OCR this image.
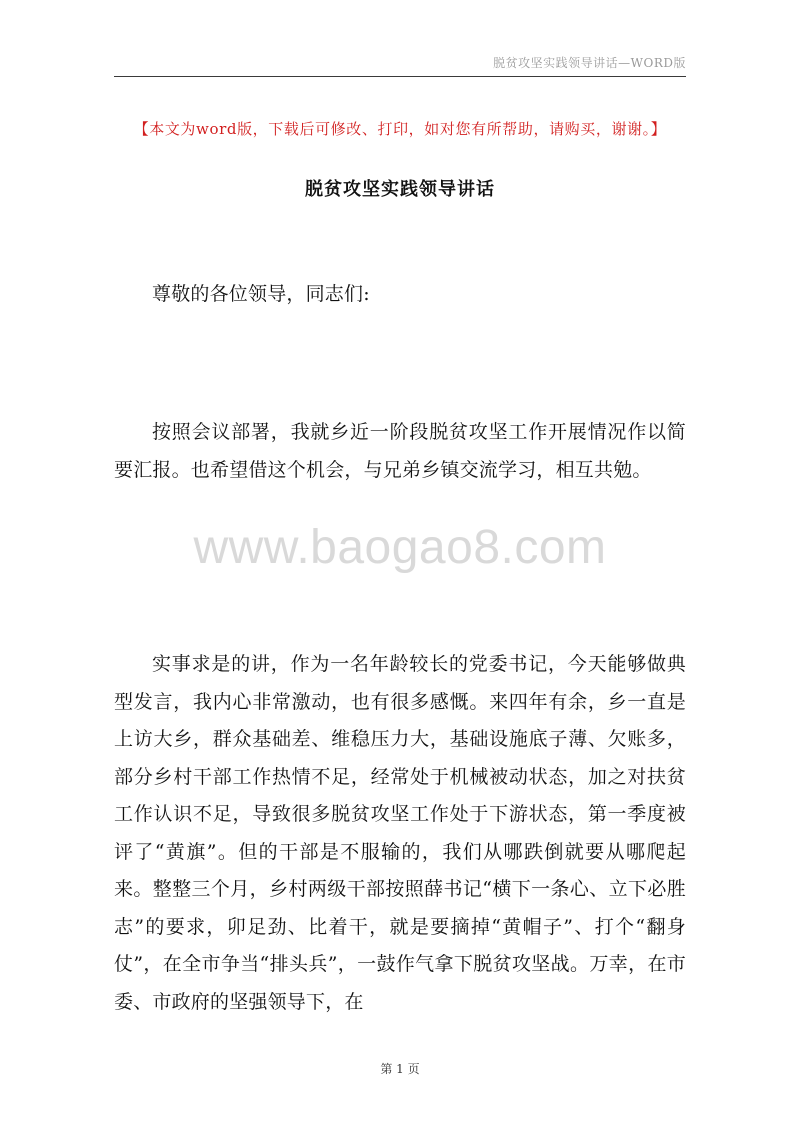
脱贫攻坚实践领导讲话—WORD版
【本文为word版，下载后可修改、打印，如对您有所帮助，请购买，谢谢。】
脱贫攻坚实践领导讲话
尊敬的各位领导，同志们:
按照会议部署，我就乡近一阶段脱贫攻坚工作开展情况作以简要汇报。也希望借这个机会，与兄弟乡镇交流学习，相互共勉。
www.baogao8.com
实事求是的讲，作为一名年龄较长的党委书记，今天能够做典型发言，我内心非常激动，也有很多感慨。来四年有余，乡一直是上访大乡，群众基础差、维稳压力大，基础设施底子薄、欠账多，部分乡村干部工作热情不足，经常处于机械被动状态，加之对扶贫工作认识不足，导致很多脱贫攻坚工作处于下游状态，第一季度被评了“黄旗”。但的干部是不服输的，我们从哪跌倒就要从哪爬起来。整整三个月，乡村两级干部按照薛书记“横下一条心、立下必胜志”的要求，卯足劲、比着干，就是要摘掉“黄帽子”、打个“翻身仗”，在全市争当“排头兵”，一鼓作气拿下脱贫攻坚战。万幸，在市委、市政府的坚强领导下，在
第 1 页
